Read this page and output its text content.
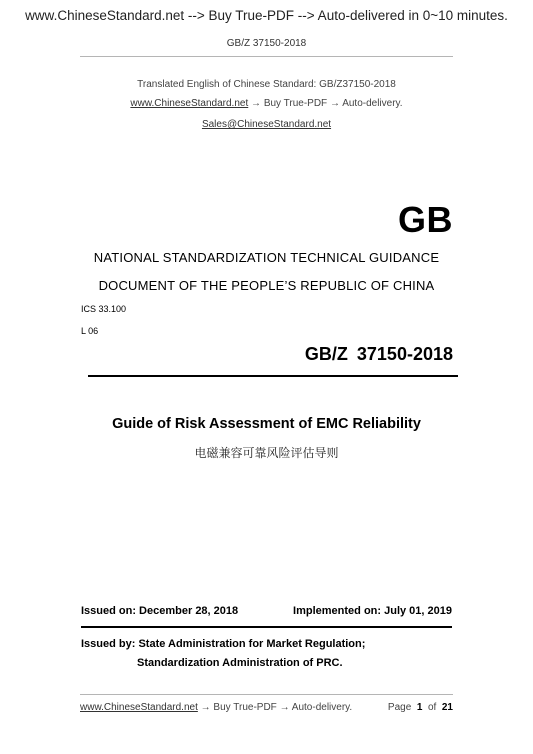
www.ChineseStandard.net --> Buy True-PDF --> Auto-delivered in 0~10 minutes.
GB/Z 37150-2018
Translated English of Chinese Standard: GB/Z37150-2018
www.ChineseStandard.net → Buy True-PDF → Auto-delivery.
Sales@ChineseStandard.net
GB
NATIONAL STANDARDIZATION TECHNICAL GUIDANCE
DOCUMENT OF THE PEOPLE’S REPUBLIC OF CHINA
ICS 33.100
L 06
GB/Z 37150-2018
Guide of Risk Assessment of EMC Reliability
电磁兼容可靠风险评估导则
Issued on: December 28, 2018	Implemented on: July 01, 2019
Issued by: State Administration for Market Regulation;
Standardization Administration of PRC.
www.ChineseStandard.net → Buy True-PDF → Auto-delivery.	Page 1 of 21
